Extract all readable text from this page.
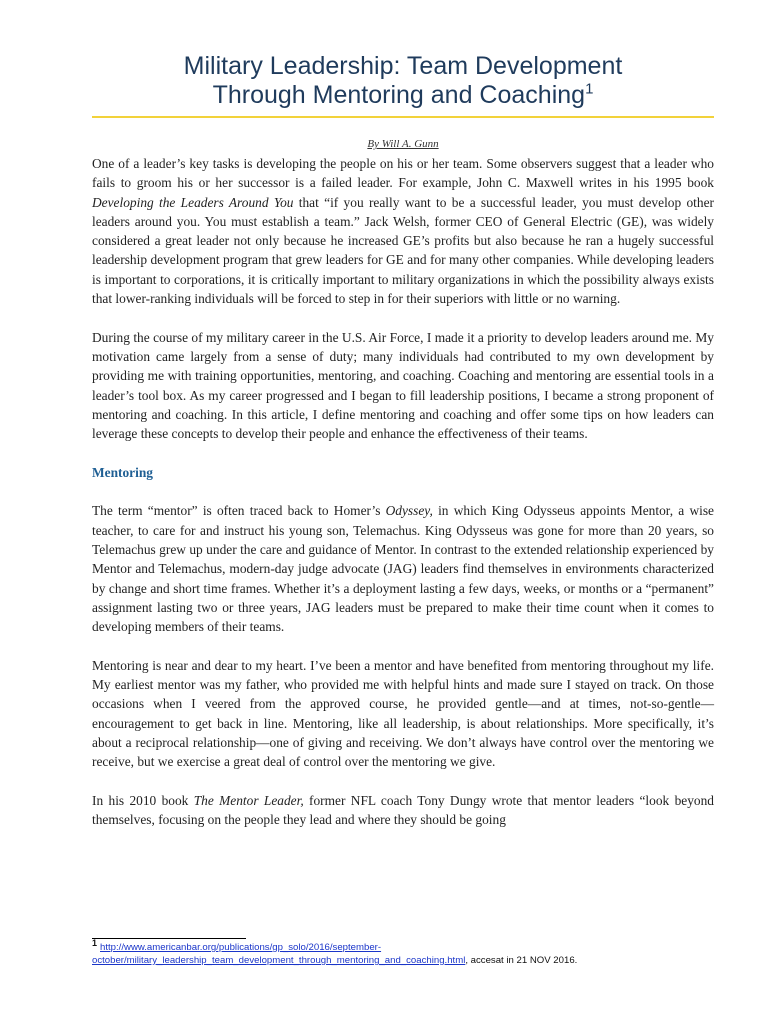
Military Leadership: Team Development
Through Mentoring and Coaching$^1$
By Will A. Gunn

One of a leader’s key tasks is developing the people on his or her team. Some observers suggest that a leader who fails to groom his or her successor is a failed leader. For example, John C. Maxwell writes in his 1995 book Developing the Leaders Around You that “if you really want to be a successful leader, you must develop other leaders around you. You must establish a team.” Jack Welsh, former CEO of General Electric (GE), was widely considered a great leader not only because he increased GE’s profits but also because he ran a hugely successful leadership development program that grew leaders for GE and for many other companies. While developing leaders is important to corporations, it is critically important to military organizations in which the possibility always exists that lower-ranking individuals will be forced to step in for their superiors with little or no warning.

During the course of my military career in the U.S. Air Force, I made it a priority to develop leaders around me. My motivation came largely from a sense of duty; many individuals had contributed to my own development by providing me with training opportunities, mentoring, and coaching. Coaching and mentoring are essential tools in a leader’s tool box. As my career progressed and I began to fill leadership positions, I became a strong proponent of mentoring and coaching. In this article, I define mentoring and coaching and offer some tips on how leaders can leverage these concepts to develop their people and enhance the effectiveness of their teams.

Mentoring

The term “mentor” is often traced back to Homer’s Odyssey, in which King Odysseus appoints Mentor, a wise teacher, to care for and instruct his young son, Telemachus. King Odysseus was gone for more than 20 years, so Telemachus grew up under the care and guidance of Mentor. In contrast to the extended relationship experienced by Mentor and Telemachus, modern-day judge advocate (JAG) leaders find themselves in environments characterized by change and short time frames. Whether it’s a deployment lasting a few days, weeks, or months or a “permanent” assignment lasting two or three years, JAG leaders must be prepared to make their time count when it comes to developing members of their teams.

Mentoring is near and dear to my heart. I’ve been a mentor and have benefited from mentoring throughout my life. My earliest mentor was my father, who provided me with helpful hints and made sure I stayed on track. On those occasions when I veered from the approved course, he provided gentle—and at times, not-so-gentle—encouragement to get back in line. Mentoring, like all leadership, is about relationships. More specifically, it’s about a reciprocal relationship—one of giving and receiving. We don’t always have control over the mentoring we receive, but we exercise a great deal of control over the mentoring we give.

In his 2010 book The Mentor Leader, former NFL coach Tony Dungy wrote that mentor leaders “look beyond themselves, focusing on the people they lead and where they should be going

1 http://www.americanbar.org/publications/gp_solo/2016/september-october/military_leadership_team_development_through_mentoring_and_coaching.html, accesat in 21 NOV 2016.
